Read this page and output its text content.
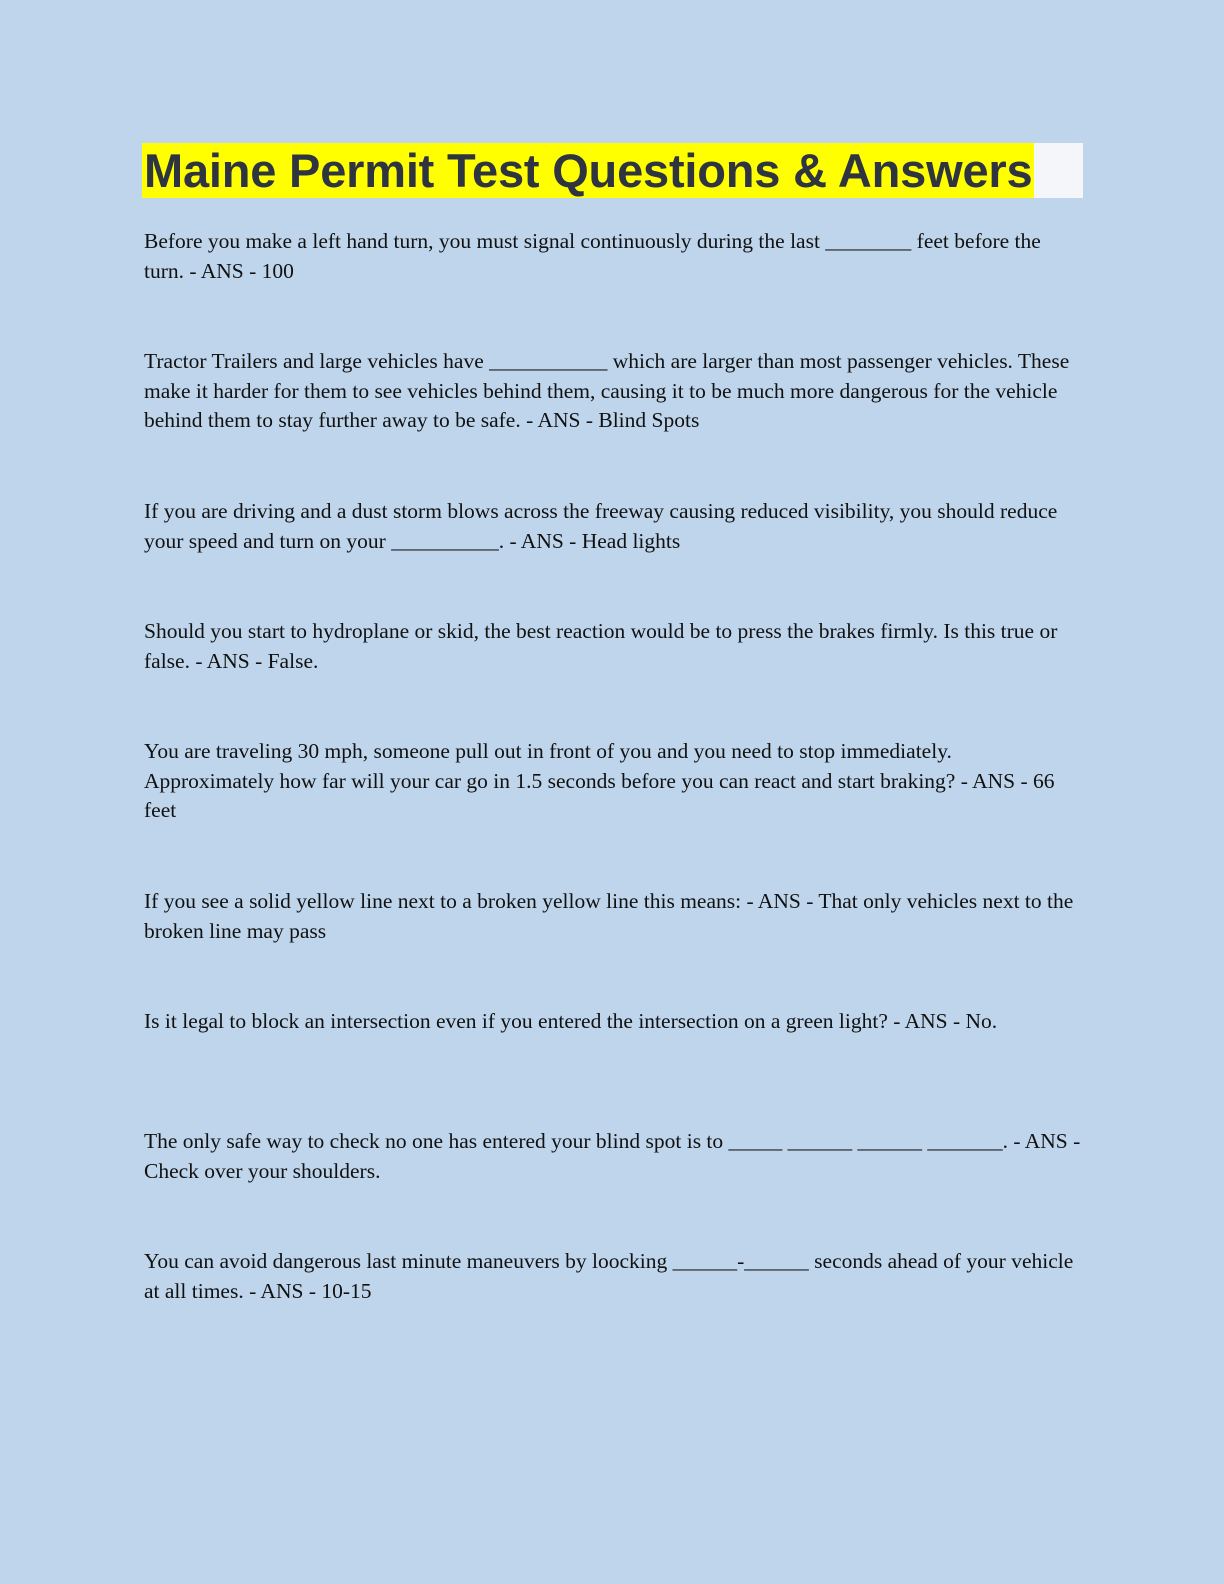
Maine Permit Test Questions & Answers

Before you make a left hand turn, you must signal continuously during the last ________ feet before the turn. - ANS - 100

Tractor Trailers and large vehicles have ___________ which are larger than most passenger vehicles. These make it harder for them to see vehicles behind them, causing it to be much more dangerous for the vehicle behind them to stay further away to be safe. - ANS - Blind Spots

If you are driving and a dust storm blows across the freeway causing reduced visibility, you should reduce your speed and turn on your __________. - ANS - Head lights

Should you start to hydroplane or skid, the best reaction would be to press the brakes firmly. Is this true or false. - ANS - False.

You are traveling 30 mph, someone pull out in front of you and you need to stop immediately. Approximately how far will your car go in 1.5 seconds before you can react and start braking? - ANS - 66 feet

If you see a solid yellow line next to a broken yellow line this means: - ANS - That only vehicles next to the broken line may pass

Is it legal to block an intersection even if you entered the intersection on a green light? - ANS - No.

The only safe way to check no one has entered your blind spot is to _____ ______ ______ _______. - ANS - Check over your shoulders.

You can avoid dangerous last minute maneuvers by loocking ______-______ seconds ahead of your vehicle at all times. - ANS - 10-15
